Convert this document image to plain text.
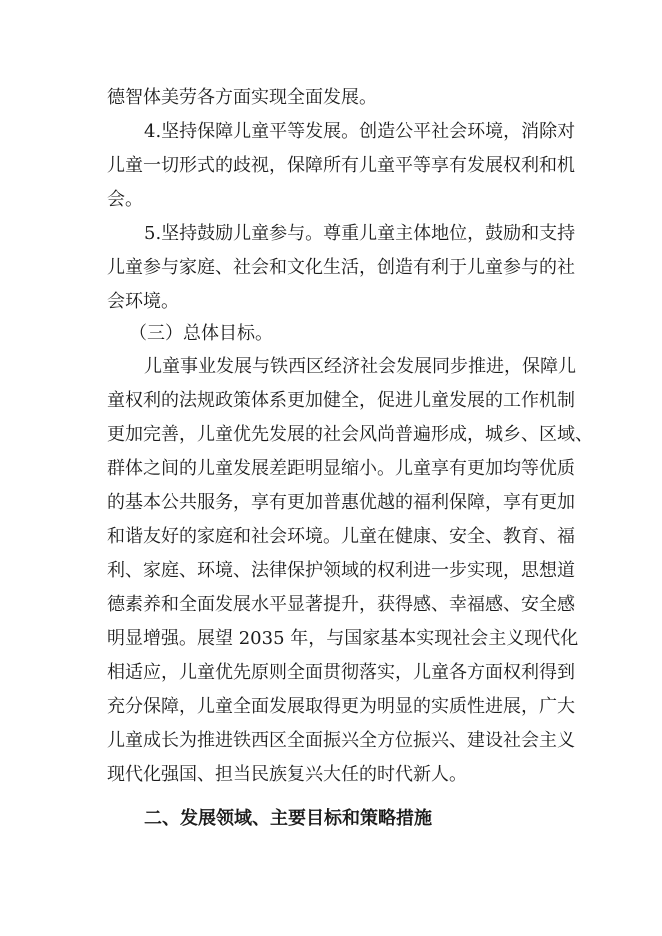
德智体美劳各方面实现全面发展。
4.坚持保障儿童平等发展。创造公平社会环境，消除对
儿童一切形式的歧视，保障所有儿童平等享有发展权利和机
会。
5.坚持鼓励儿童参与。尊重儿童主体地位，鼓励和支持
儿童参与家庭、社会和文化生活，创造有利于儿童参与的社
会环境。
（三）总体目标。
儿童事业发展与铁西区经济社会发展同步推进，保障儿
童权利的法规政策体系更加健全，促进儿童发展的工作机制
更加完善，儿童优先发展的社会风尚普遍形成，城乡、区域、
群体之间的儿童发展差距明显缩小。儿童享有更加均等优质
的基本公共服务，享有更加普惠优越的福利保障，享有更加
和谐友好的家庭和社会环境。儿童在健康、安全、教育、福
利、家庭、环境、法律保护领域的权利进一步实现，思想道
德素养和全面发展水平显著提升，获得感、幸福感、安全感
明显增强。展望 2035 年，与国家基本实现社会主义现代化
相适应，儿童优先原则全面贯彻落实，儿童各方面权利得到
充分保障，儿童全面发展取得更为明显的实质性进展，广大
儿童成长为推进铁西区全面振兴全方位振兴、建设社会主义
现代化强国、担当民族复兴大任的时代新人。
二、发展领域、主要目标和策略措施
